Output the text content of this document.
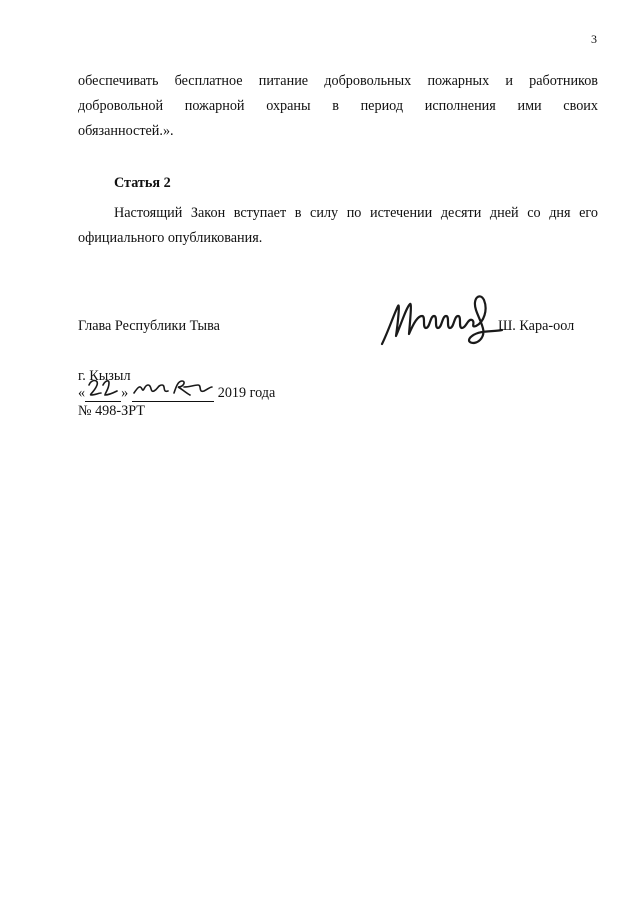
3

обеспечивать бесплатное питание добровольных пожарных и работников
добровольной пожарной охраны в период исполнения ими своих
обязанностей.».

Статья 2

Настоящий Закон вступает в силу по истечении десяти дней со дня его
официального опубликования.

Глава Республики Тыва	Ш. Кара-оол
г. Кызыл
«	»	2019 года
№ 498-ЗРТ
